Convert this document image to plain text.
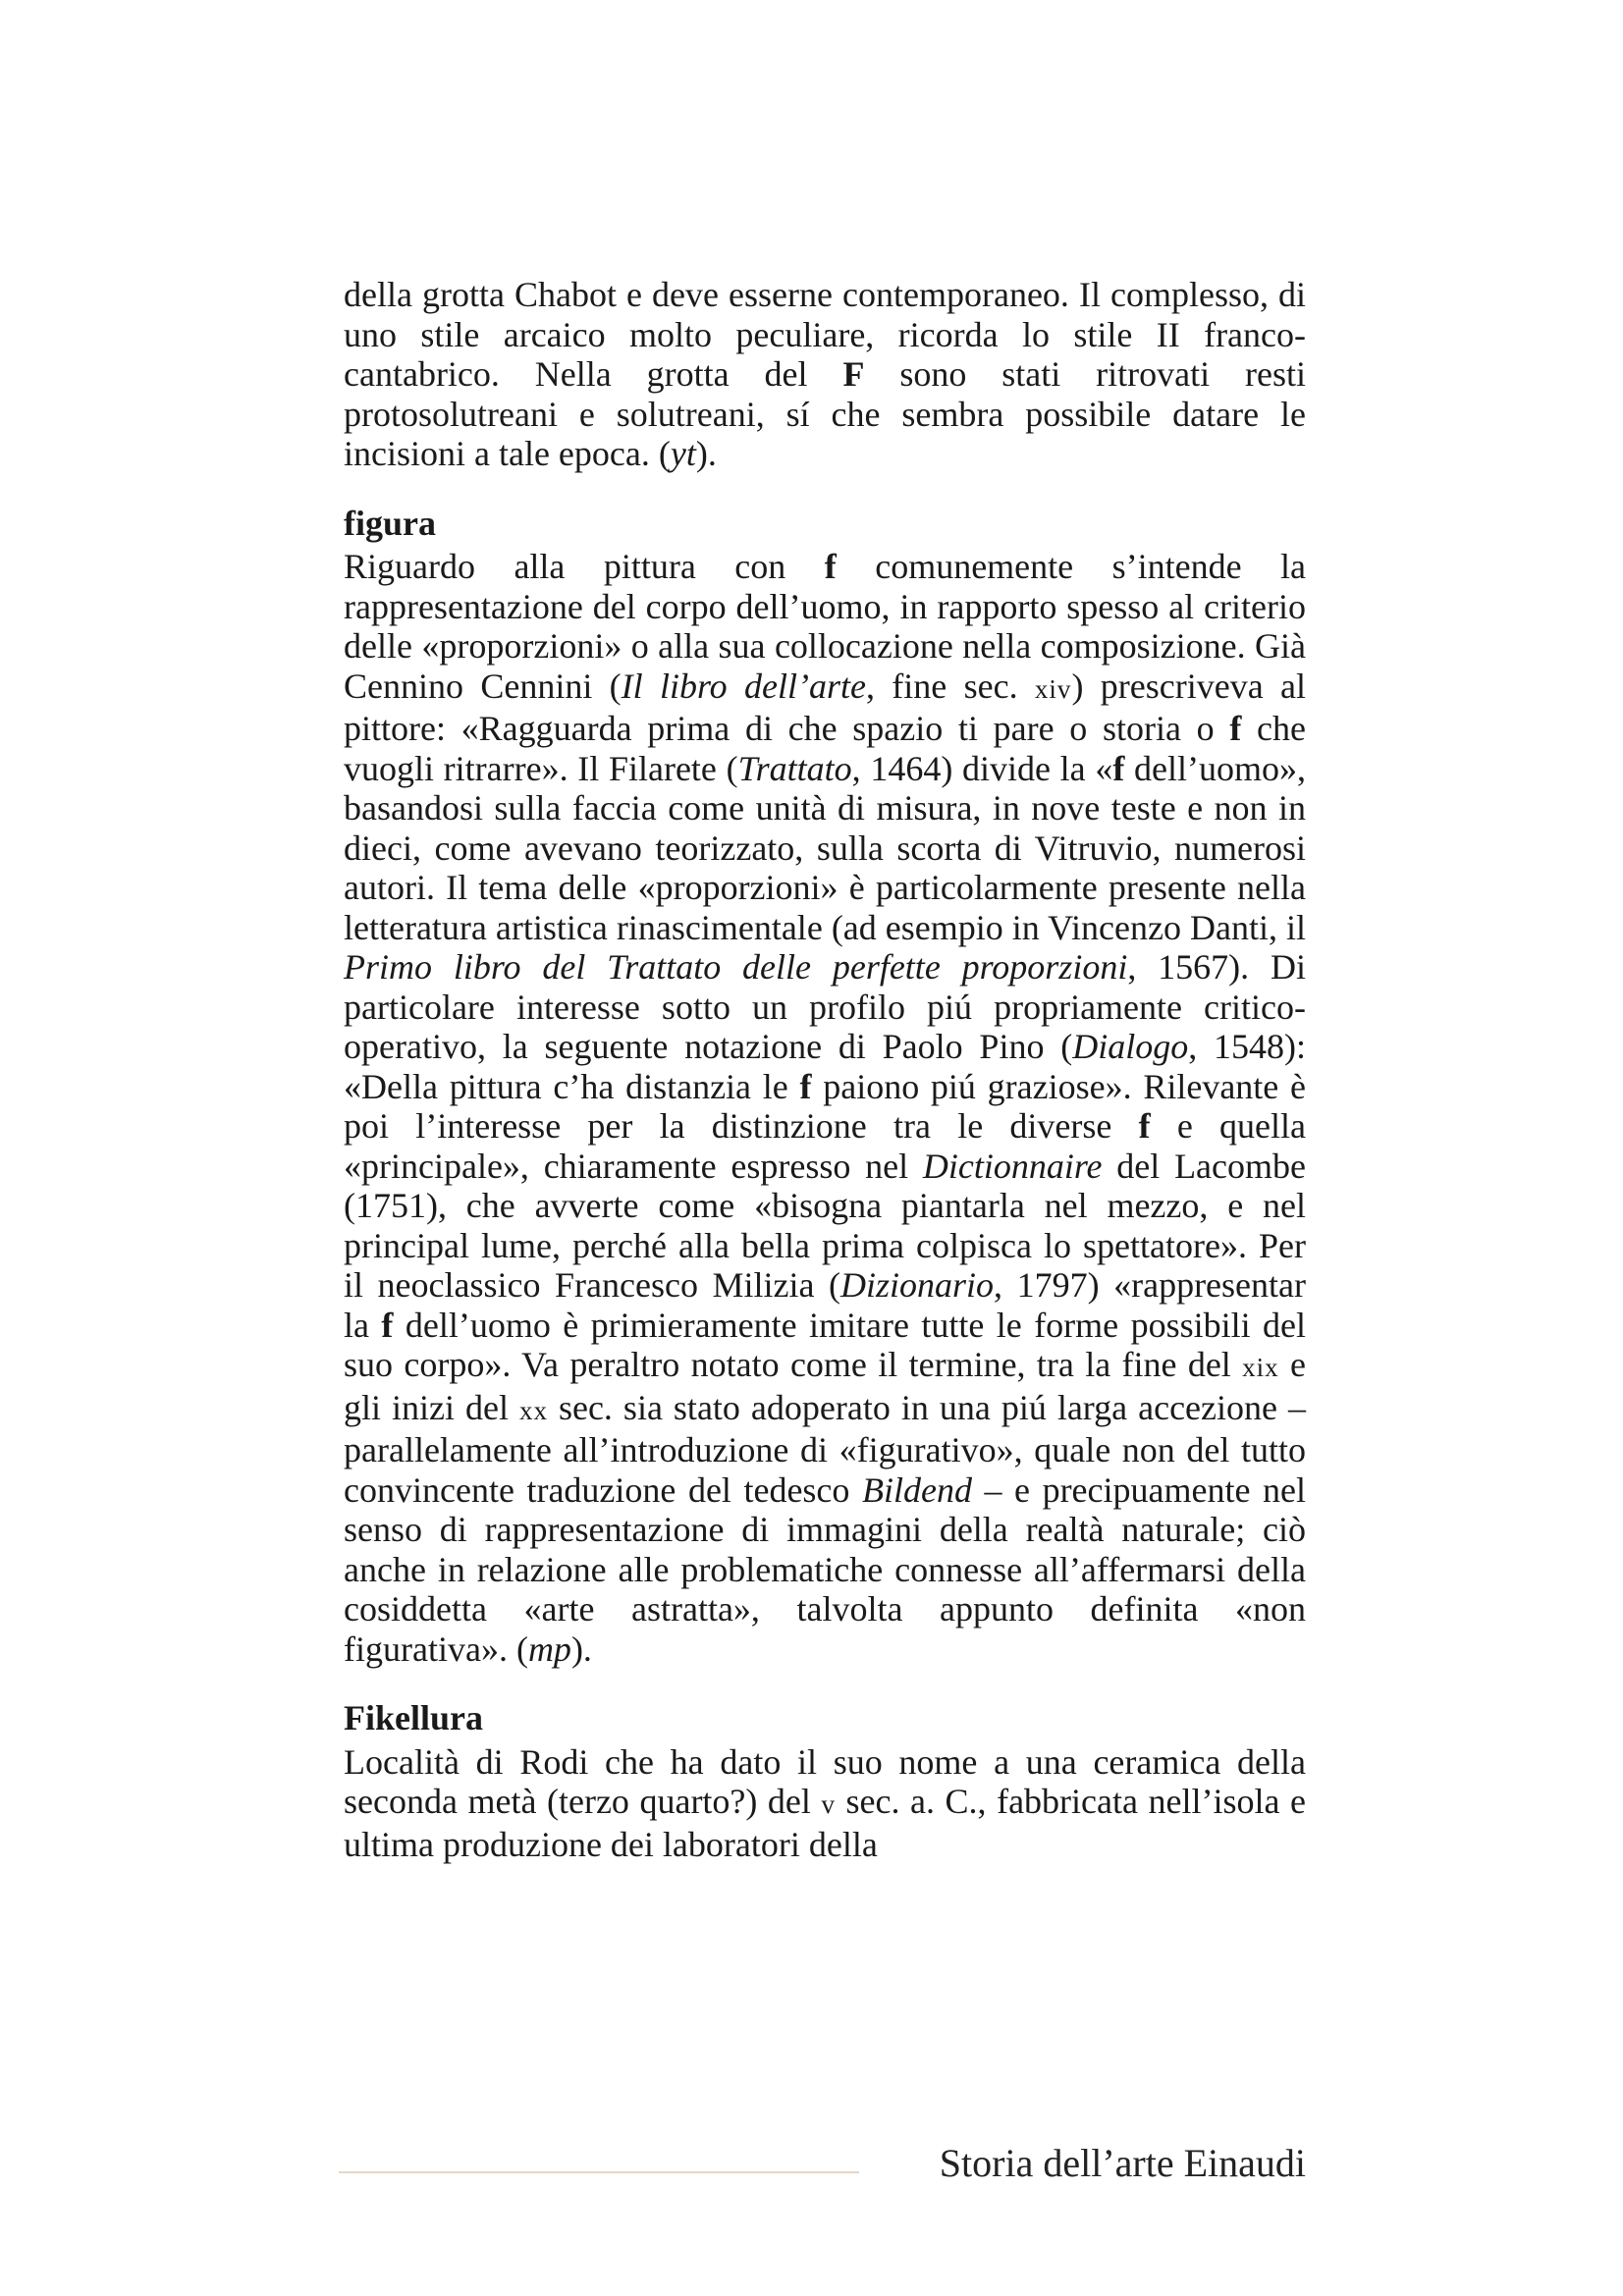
della grotta Chabot e deve esserne contemporaneo. Il complesso, di uno stile arcaico molto peculiare, ricorda lo stile II franco-cantabrico. Nella grotta del F sono stati ritrovati resti protosolutreani e solutreani, sí che sembra possibile datare le incisioni a tale epoca. (yt).

figura

Riguardo alla pittura con f comunemente s’intende la rappresentazione del corpo dell’uomo, in rapporto spesso al criterio delle «proporzioni» o alla sua collocazione nella composizione. Già Cennino Cennini (Il libro dell’arte, fine sec. xiv) prescriveva al pittore: «Ragguarda prima di che spazio ti pare o storia o f che vuogli ritrarre». Il Filarete (Trattato, 1464) divide la «f dell’uomo», basandosi sulla faccia come unità di misura, in nove teste e non in dieci, come avevano teorizzato, sulla scorta di Vitruvio, numerosi autori. Il tema delle «proporzioni» è particolarmente presente nella letteratura artistica rinascimentale (ad esempio in Vincenzo Danti, il Primo libro del Trattato delle perfette proporzioni, 1567). Di particolare interesse sotto un profilo piú propriamente critico-operativo, la seguente notazione di Paolo Pino (Dialogo, 1548): «Della pittura c’ha distanzia le f paiono piú graziose». Rilevante è poi l’interesse per la distinzione tra le diverse f e quella «principale», chiaramente espresso nel Dictionnaire del Lacombe (1751), che avverte come «bisogna piantarla nel mezzo, e nel principal lume, perché alla bella prima colpisca lo spettatore». Per il neoclassico Francesco Milizia (Dizionario, 1797) «rappresentar la f dell’uomo è primieramente imitare tutte le forme possibili del suo corpo». Va peraltro notato come il termine, tra la fine del xix e gli inizi del xx sec. sia stato adoperato in una piú larga accezione – parallelamente all’introduzione di «figurativo», quale non del tutto convincente traduzione del tedesco Bildend – e precipuamente nel senso di rappresentazione di immagini della realtà naturale; ciò anche in relazione alle problematiche connesse all’affermarsi della cosiddetta «arte astratta», talvolta appunto definita «non figurativa». (mp).

Fikellura

Località di Rodi che ha dato il suo nome a una ceramica della seconda metà (terzo quarto?) del v sec. a. C., fabbricata nell’isola e ultima produzione dei laboratori della

Storia dell’arte Einaudi
